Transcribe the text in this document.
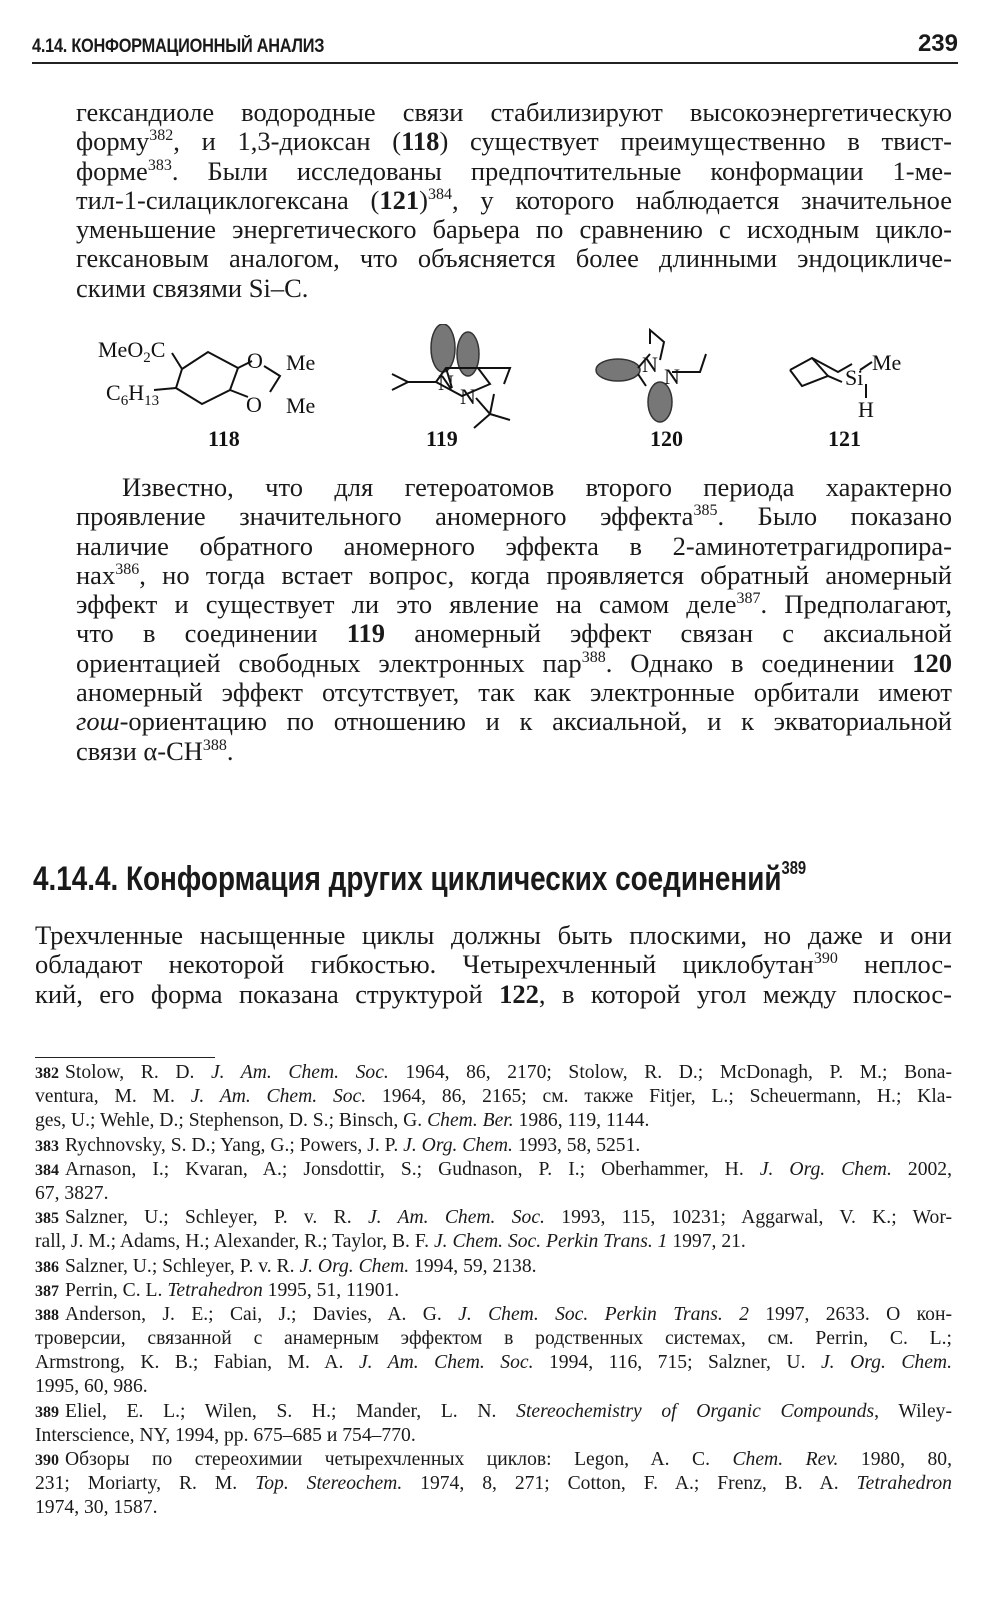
4.14. КОНФОРМАЦИОННЫЙ АНАЛИЗ	239
гександиоле водородные связи стабилизируют высокоэнергетическую
форму$^{382}$, и 1,3-диоксан (118) существует преимущественно в твист-
форме$^{383}$. Были исследованы предпочтительные конформации 1-ме-
тил-1-силациклогексана $(121)^{384}$, у которого наблюдается значительное
уменьшение энергетического барьера по сравнению с исходным цикло-
гексановым аналогом, что объясняется более длинными эндоцикличе-
скими связями Si–C.
MeO$_2$C
$C_6H_{13}$
O
O
Me
Me
118
N
N
119
N N
120
Si
Me
H
121
Известно, что для гетероатомов второго периода характерно
проявление значительного аномерного эффекта$^{385}$. Было показано
наличие обратного аномерного эффекта в 2-аминотетрагидропира-
нах$^{386}$, но тогда встает вопрос, когда проявляется обратный аномерный
эффект и существует ли это явление на самом деле$^{387}$. Предполагают,
что в соединении 119 аномерный эффект связан с аксиальной
ориентацией свободных электронных пар$^{388}$. Однако в соединении 120
аномерный эффект отсутствует, так как электронные орбитали имеют
гош-ориентацию по отношению и к аксиальной, и к экваториальной
связи α-CH$^{388}$.
4.14.4. Конформация других циклических соединений$^{389}$
Трехчленные насыщенные циклы должны быть плоскими, но даже и они
обладают некоторой гибкостью. Четырехчленный циклобутан$^{390}$ неплос-
кий, его форма показана структурой 122, в которой угол между плоскос-
382 Stolow, R. D. J. Am. Chem. Soc. 1964, 86, 2170; Stolow, R. D.; McDonagh, P. M.; Bona-
ventura, M. M. J. Am. Chem. Soc. 1964, 86, 2165; см. также Fitjer, L.; Scheuermann, H.; Kla-
ges, U.; Wehle, D.; Stephenson, D. S.; Binsch, G. Chem. Ber. 1986, 119, 1144.
383 Rychnovsky, S. D.; Yang, G.; Powers, J. P. J. Org. Chem. 1993, 58, 5251.
384 Arnason, I.; Kvaran, A.; Jonsdottir, S.; Gudnason, P. I.; Oberhammer, H. J. Org. Chem. 2002,
67, 3827.
385 Salzner, U.; Schleyer, P. v. R. J. Am. Chem. Soc. 1993, 115, 10231; Aggarwal, V. K.; Wor-
rall, J. M.; Adams, H.; Alexander, R.; Taylor, B. F. J. Chem. Soc. Perkin Trans. 1 1997, 21.
386 Salzner, U.; Schleyer, P. v. R. J. Org. Chem. 1994, 59, 2138.
387 Perrin, C. L. Tetrahedron 1995, 51, 11901.
388 Anderson, J. E.; Cai, J.; Davies, A. G. J. Chem. Soc. Perkin Trans. 2 1997, 2633. О кон-
троверсии, связанной с анамерным эффектом в родственных системах, см. Perrin, C. L.;
Armstrong, K. B.; Fabian, M. A. J. Am. Chem. Soc. 1994, 116, 715; Salzner, U. J. Org. Chem.
1995, 60, 986.
389 Eliel, E. L.; Wilen, S. H.; Mander, L. N. Stereochemistry of Organic Compounds, Wiley-
Interscience, NY, 1994, pp. 675–685 и 754–770.
390 Обзоры по стереохимии четырехчленных циклов: Legon, A. C. Chem. Rev. 1980, 80,
231; Moriarty, R. M. Top. Stereochem. 1974, 8, 271; Cotton, F. A.; Frenz, B. A. Tetrahedron
1974, 30, 1587.
